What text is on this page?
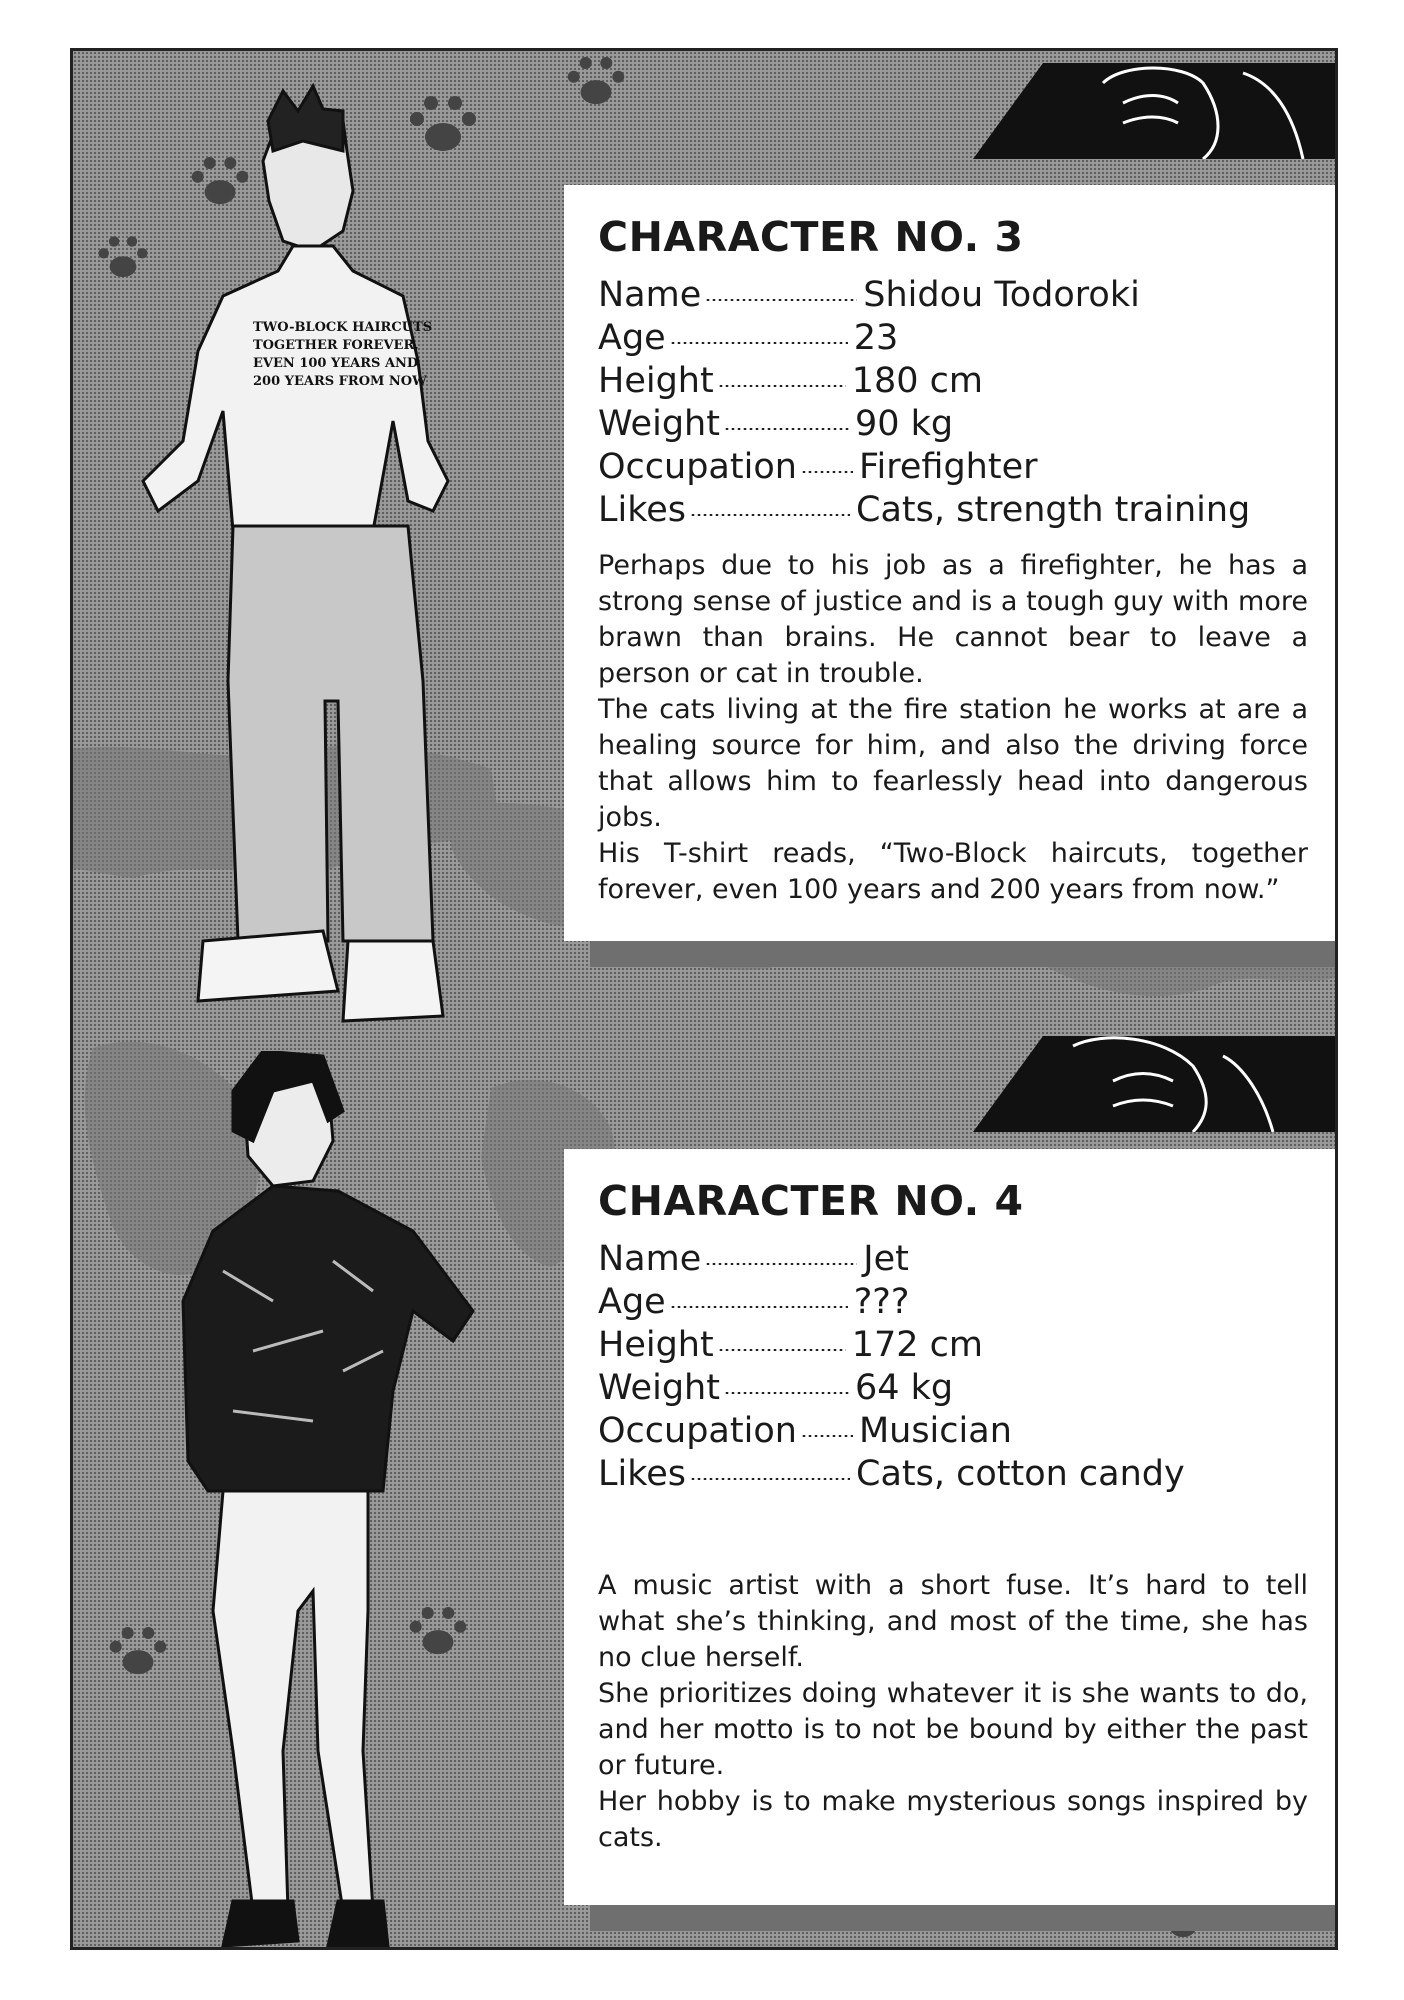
TWO-BLOCK HAIRCUTS
TOGETHER FOREVER,
EVEN 100 YEARS AND
200 YEARS FROM NOW
CHARACTER NO. 3
Name	Shidou Todoroki
Age	23
Height	180 cm
Weight	90 kg
Occupation Firefighter
Likes	Cats, strength training

Perhaps due to his job as a firefighter, he has a strong sense of justice and is a tough guy with more brawn than brains. He cannot bear to leave a person or cat in trouble.

The cats living at the fire station he works at are a healing source for him, and also the driving force that allows him to fearlessly head into dangerous jobs.

His T-shirt reads, “Two-Block haircuts, together forever, even 100 years and 200 years from now.”

CHARACTER NO. 4
Name	Jet
Age	???
Height	172 cm
Weight	64 kg
Occupation Musician
Likes	Cats, cotton candy

A music artist with a short fuse. It’s hard to tell what she’s thinking, and most of the time, she has no clue herself.

She prioritizes doing whatever it is she wants to do, and her motto is to not be bound by either the past or future.

Her hobby is to make mysterious songs inspired by cats.
